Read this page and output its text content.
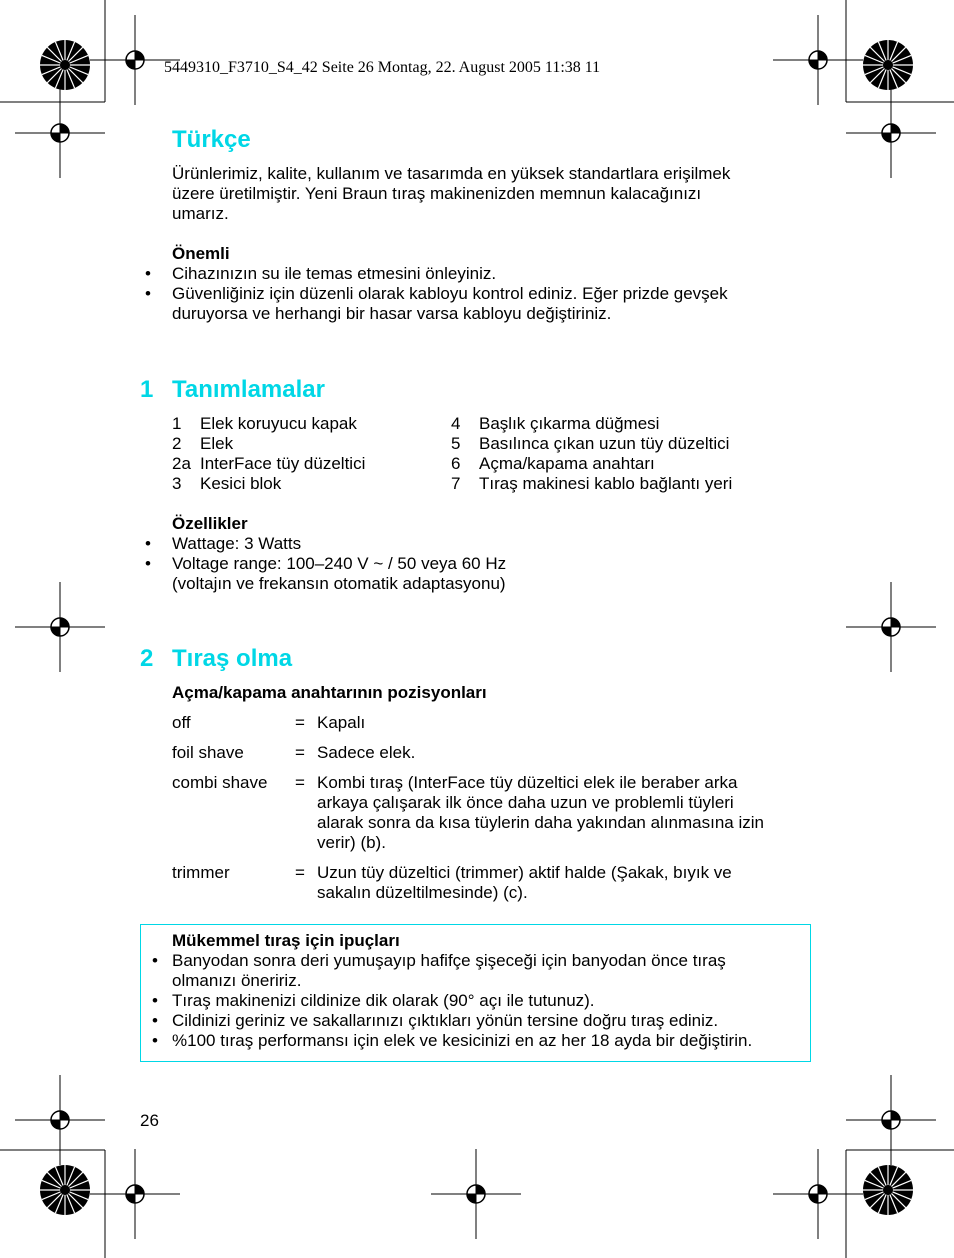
5449310_F3710_S4_42 Seite 26 Montag, 22. August 2005 11:38 11
Türkçe
Ürünlerimiz, kalite, kullanım ve tasarımda en yüksek standartlara erişilmek
üzere üretilmiştir. Yeni Braun tıraş makinenizden memnun kalacağınızı
umarız.
Önemli
• Cihazınızın su ile temas etmesini önleyiniz.
• Güvenliğiniz için düzenli olarak kabloyu kontrol ediniz. Eğer prizde gevşek
duruyorsa ve herhangi bir hasar varsa kabloyu değiştiriniz.
1 Tanımlamalar
1 Elek koruyucu kapak
2 Elek
2a InterFace tüy düzeltici
3 Kesici blok
4 Başlık çıkarma düğmesi
5 Basılınca çıkan uzun tüy düzeltici
6 Açma/kapama anahtarı
7 Tıraş makinesi kablo bağlantı yeri
Özellikler
• Wattage: 3 Watts
• Voltage range: 100–240 V ~ / 50 veya 60 Hz
(voltajın ve frekansın otomatik adaptasyonu)
2 Tıraş olma
Açma/kapama anahtarının pozisyonları
off	= Kapalı
foil shave	= Sadece elek.
combi shave = Kombi tıraş (InterFace tüy düzeltici elek ile beraber arka
arkaya çalışarak ilk önce daha uzun ve problemli tüyleri
alarak sonra da kısa tüylerin daha yakından alınmasına izin
verir) (b).
trimmer	= Uzun tüy düzeltici (trimmer) aktif halde (Şakak, bıyık ve
sakalın düzeltilmesinde) (c).
Mükemmel tıraş için ipuçları
• Banyodan sonra deri yumuşayıp hafifçe şişeceği için banyodan önce tıraş
olmanızı öneririz.
• Tıraş makinenizi cildinize dik olarak (90° açı ile tutunuz).
• Cildinizi geriniz ve sakallarınızı çıktıkları yönün tersine doğru tıraş ediniz.
• %100 tıraş performansı için elek ve kesicinizi en az her 18 ayda bir değiştirin.
26
